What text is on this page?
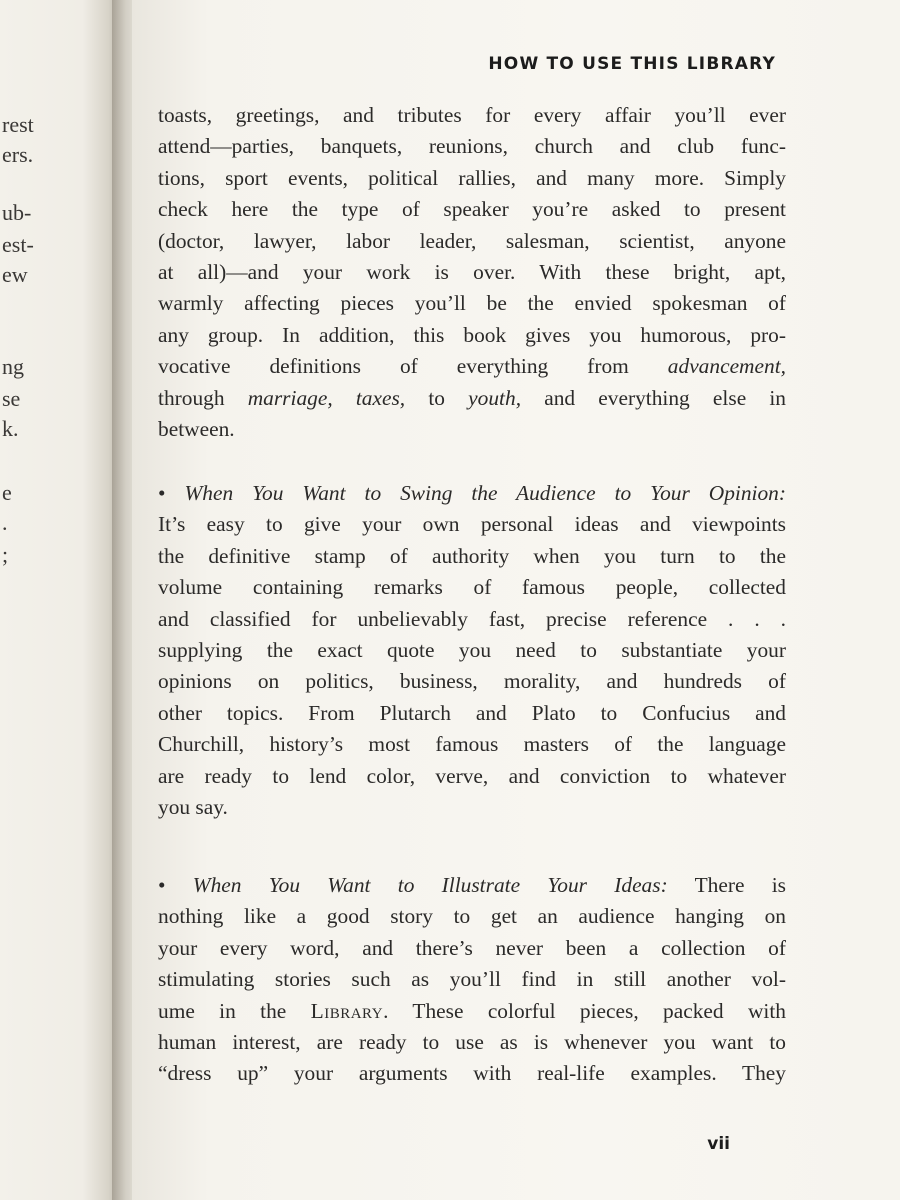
rest
ers.
ub-
est-
ew
ng
se
k.
e
.
;
HOW TO USE THIS LIBRARY
toasts, greetings, and tributes for every affair you’ll ever
attend—parties, banquets, reunions, church and club func-
tions, sport events, political rallies, and many more. Simply
check here the type of speaker you’re asked to present
(doctor, lawyer, labor leader, salesman, scientist, anyone
at all)—and your work is over. With these bright, apt,
warmly affecting pieces you’ll be the envied spokesman of
any group. In addition, this book gives you humorous, pro-
vocative definitions of everything from advancement,
through marriage, taxes, to youth, and everything else in
between.
• When You Want to Swing the Audience to Your Opinion:
It’s easy to give your own personal ideas and viewpoints
the definitive stamp of authority when you turn to the
volume containing remarks of famous people, collected
and classified for unbelievably fast, precise reference . . .
supplying the exact quote you need to substantiate your
opinions on politics, business, morality, and hundreds of
other topics. From Plutarch and Plato to Confucius and
Churchill, history’s most famous masters of the language
are ready to lend color, verve, and conviction to whatever
you say.
• When You Want to Illustrate Your Ideas: There is
nothing like a good story to get an audience hanging on
your every word, and there’s never been a collection of
stimulating stories such as you’ll find in still another vol-
ume in the Library. These colorful pieces, packed with
human interest, are ready to use as is whenever you want to
“dress up” your arguments with real-life examples. They
vii
